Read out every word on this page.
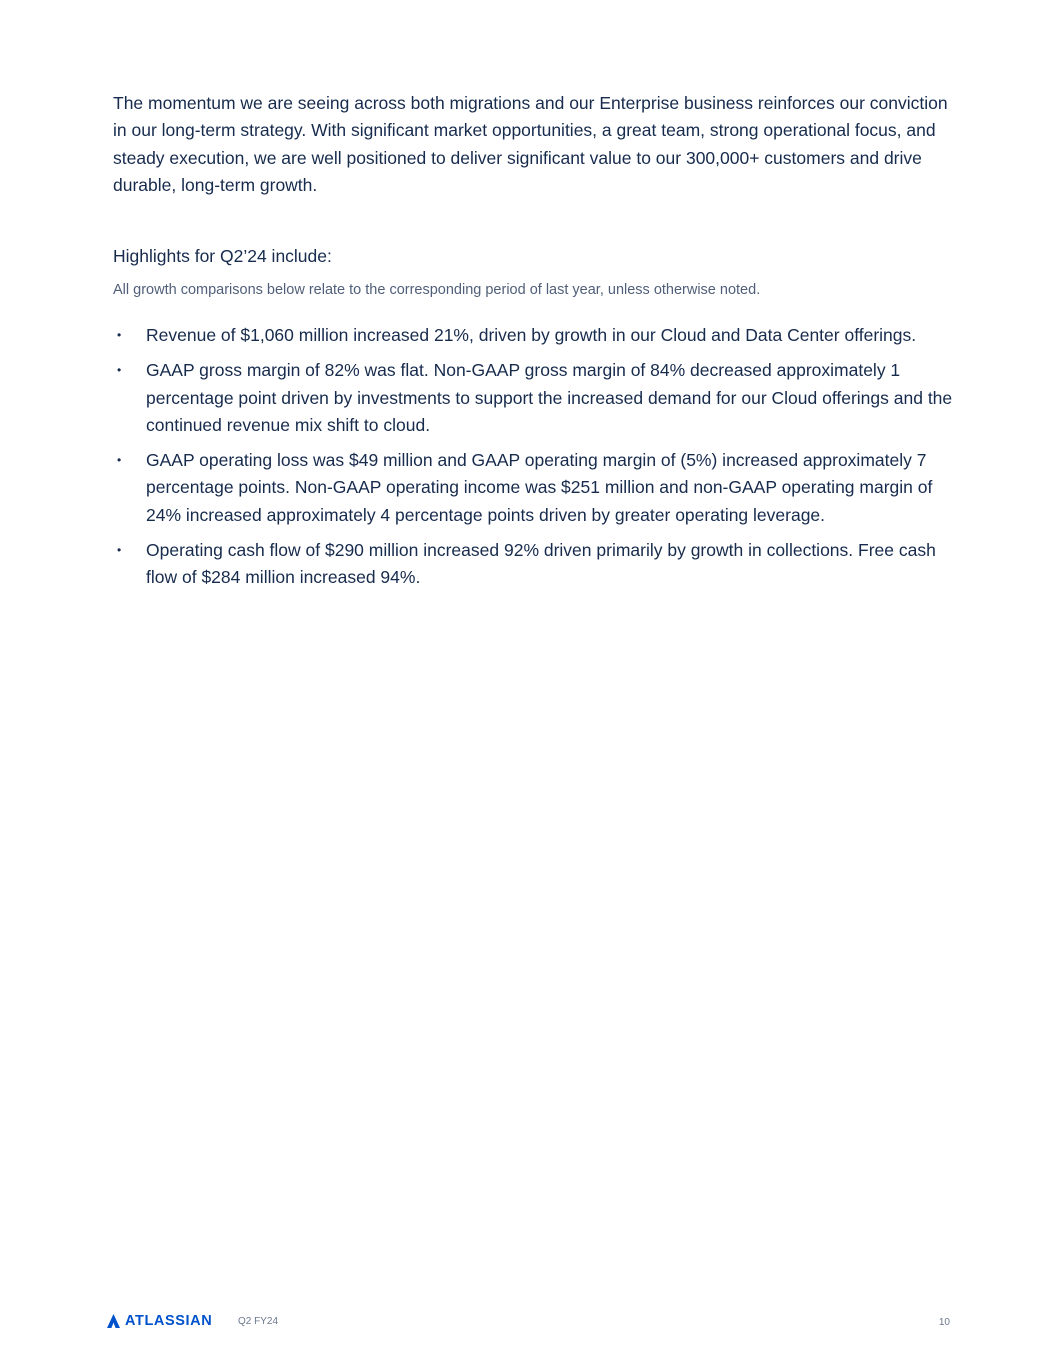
The momentum we are seeing across both migrations and our Enterprise business reinforces our conviction in our long-term strategy. With significant market opportunities, a great team, strong operational focus, and steady execution, we are well positioned to deliver significant value to our 300,000+ customers and drive durable, long-term growth.

Highlights for Q2’24 include:

All growth comparisons below relate to the corresponding period of last year, unless otherwise noted.

• Revenue of $1,060 million increased 21%, driven by growth in our Cloud and Data Center offerings.
• GAAP gross margin of 82% was flat. Non-GAAP gross margin of 84% decreased approximately 1 percentage point driven by investments to support the increased demand for our Cloud offerings and the continued revenue mix shift to cloud.
• GAAP operating loss was $49 million and GAAP operating margin of (5%) increased approximately 7 percentage points. Non-GAAP operating income was $251 million and non-GAAP operating margin of 24% increased approximately 4 percentage points driven by greater operating leverage.
• Operating cash flow of $290 million increased 92% driven primarily by growth in collections. Free cash flow of $284 million increased 94%.
ATLASSIAN	Q2 FY24	10
